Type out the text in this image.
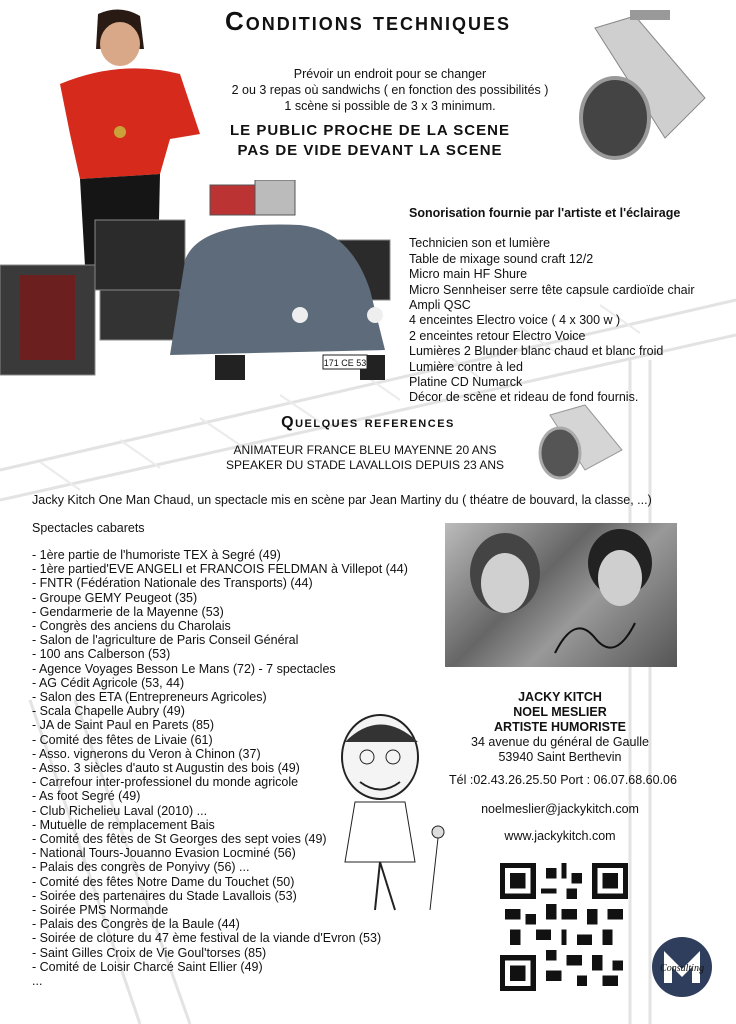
171 CE 53
Conditions techniques
Prévoir un endroit pour se changer
2 ou 3 repas où sandwichs ( en fonction des possibilités )
1 scène si possible de 3 x 3 minimum.
LE PUBLIC PROCHE DE LA SCENE
PAS DE VIDE DEVANT LA SCENE
Sonorisation fournie par l'artiste et l'éclairage
Technicien son et lumière
Table de mixage sound craft 12/2
Micro main HF Shure
Micro Sennheiser serre tête capsule cardioïde chair
Ampli QSC
4 enceintes Electro voice ( 4 x 300 w )
2 enceintes retour Electro Voice
Lumières 2 Blunder blanc chaud et blanc froid
Lumière contre à led
Platine CD Numarck
Décor de scène et rideau de fond fournis.
Quelques references
ANIMATEUR FRANCE BLEU MAYENNE 20 ANS
SPEAKER DU STADE LAVALLOIS DEPUIS 23 ANS
Jacky Kitch One Man Chaud, un spectacle mis en scène par Jean Martiny du ( théatre de bouvard, la classe, ...)
Spectacles cabarets
- 1ère partie de l'humoriste TEX à Segré (49)
- 1ère partied'EVE ANGELI et FRANCOIS FELDMAN à Villepot (44)
- FNTR (Fédération Nationale des Transports) (44)
- Groupe GEMY Peugeot (35)
- Gendarmerie de la Mayenne (53)
- Congrès des anciens du Charolais
- Salon de l'agriculture de Paris Conseil Général
- 100 ans Calberson (53)
- Agence Voyages Besson Le Mans (72) - 7 spectacles
- AG Cédit Agricole (53, 44)
- Salon des ETA (Entrepreneurs Agricoles)
- Scala Chapelle Aubry (49)
- JA de Saint Paul en Parets (85)
- Comité des fêtes de Livaie (61)
- Asso. vignerons du Veron à Chinon (37)
- Asso. 3 siècles d'auto st Augustin des bois (49)
- Carrefour inter-professionel du monde agricole
- As foot Segré (49)
- Club Richelieu Laval (2010) ...
- Mutuelle de remplacement Bais
- Comité des fêtes de St Georges des sept voies (49)
- National Tours-Jouanno Evasion Locminé (56)
- Palais des congrès de Ponyivy (56) ...
- Comité des fêtes Notre Dame du Touchet (50)
- Soirée des partenaires du Stade Lavallois (53)
- Soirée PMS Normande
- Palais des Congrès de la Baule (44)
- Soirée de cloture du 47 ème festival de la viande d'Evron (53)
- Saint Gilles Croix de Vie Goul'torses (85)
- Comité de Loisir Charcé Saint Ellier (49)
...
JACKY KITCH
NOEL MESLIER
ARTISTE HUMORISTE
34 avenue du général de Gaulle
53940 Saint Berthevin
Tél :02.43.26.25.50 Port : 06.07.68.60.06
noelmeslier@jackykitch.com
www.jackykitch.com
Consulting
